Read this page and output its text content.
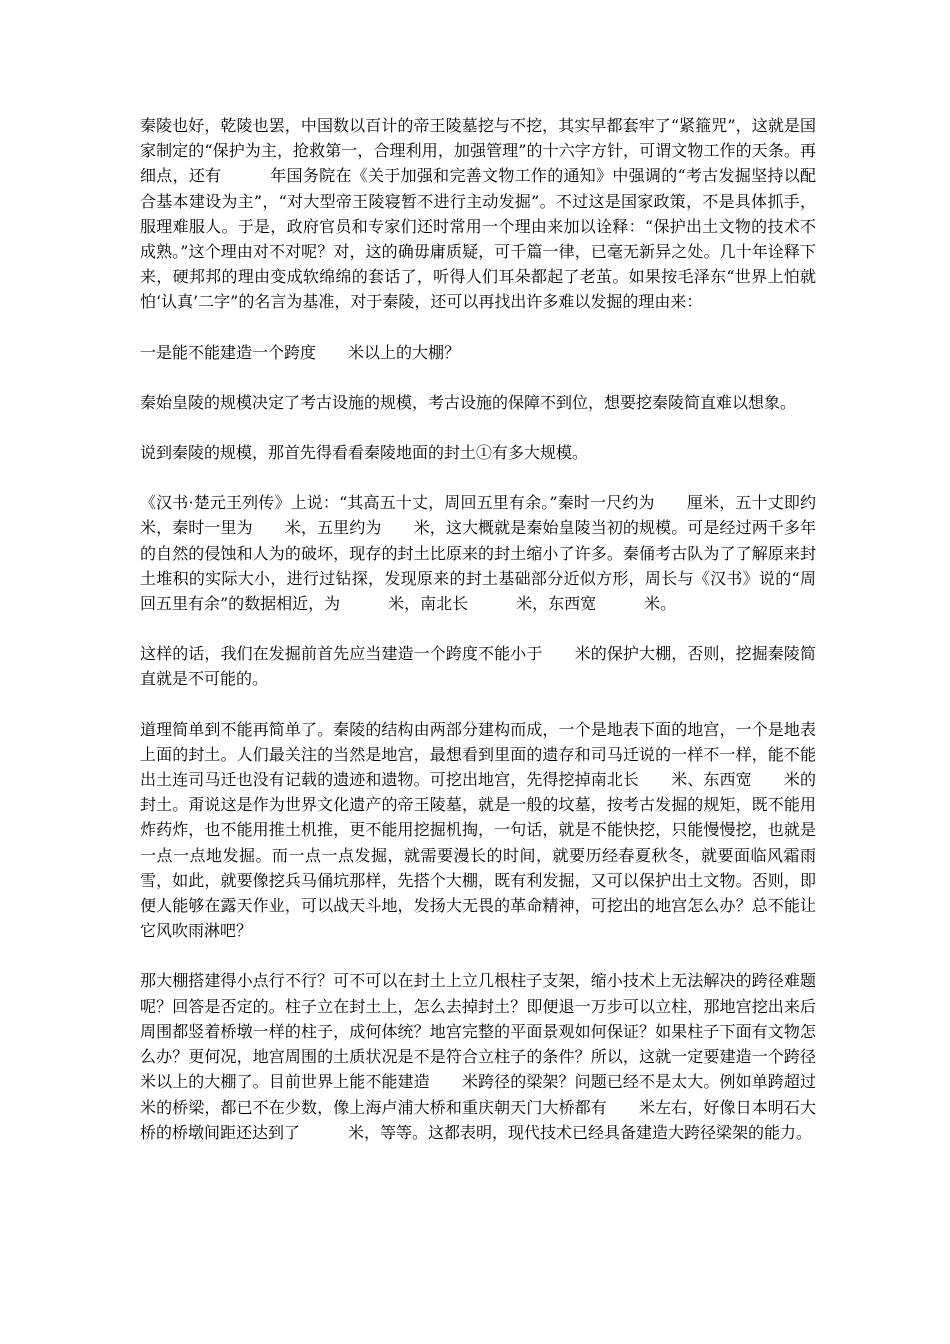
秦陵也好，乾陵也罢，中国数以百计的帝王陵墓挖与不挖，其实早都套牢了“紧箍咒”，这就是国家制定的“保护为主，抢救第一，合理利用，加强管理”的十六字方针，可谓文物工作的天条。再细点，还有　　　年国务院在《关于加强和完善文物工作的通知》中强调的“考古发掘坚持以配合基本建设为主”，“对大型帝王陵寝暂不进行主动发掘”。不过这是国家政策，不是具体抓手，服理难服人。于是，政府官员和专家们还时常用一个理由来加以诠释：“保护出土文物的技术不成熟。”这个理由对不对呢？对，这的确毋庸质疑，可千篇一律，已毫无新异之处。几十年诠释下来，硬邦邦的理由变成软绵绵的套话了，听得人们耳朵都起了老茧。如果按毛泽东“世界上怕就怕‘认真’二字”的名言为基准，对于秦陵，还可以再找出许多难以发掘的理由来：

一是能不能建造一个跨度　　米以上的大棚？

秦始皇陵的规模决定了考古设施的规模，考古设施的保障不到位，想要挖秦陵简直难以想象。

说到秦陵的规模，那首先得看看秦陵地面的封土①有多大规模。

《汉书·楚元王列传》上说：“其高五十丈，周回五里有余。”秦时一尺约为　　厘米，五十丈即约　　米，秦时一里为　　米，五里约为　　米，这大概就是秦始皇陵当初的规模。可是经过两千多年的自然的侵蚀和人为的破坏，现存的封土比原来的封土缩小了许多。秦俑考古队为了了解原来封土堆积的实际大小，进行过钻探，发现原来的封土基础部分近似方形，周长与《汉书》说的“周回五里有余”的数据相近，为　　　米，南北长　　　米，东西宽　　　米。

这样的话，我们在发掘前首先应当建造一个跨度不能小于　　米的保护大棚，否则，挖掘秦陵简直就是不可能的。

道理简单到不能再简单了。秦陵的结构由两部分建构而成，一个是地表下面的地宫，一个是地表上面的封土。人们最关注的当然是地宫，最想看到里面的遗存和司马迁说的一样不一样，能不能出土连司马迁也没有记载的遗迹和遗物。可挖出地宫，先得挖掉南北长　　米、东西宽　　米的封土。甭说这是作为世界文化遗产的帝王陵墓，就是一般的坟墓，按考古发掘的规矩，既不能用炸药炸，也不能用推土机推，更不能用挖掘机掏，一句话，就是不能快挖，只能慢慢挖，也就是一点一点地发掘。而一点一点发掘，就需要漫长的时间，就要历经春夏秋冬，就要面临风霜雨雪，如此，就要像挖兵马俑坑那样，先搭个大棚，既有利发掘，又可以保护出土文物。否则，即便人能够在露天作业，可以战天斗地，发扬大无畏的革命精神，可挖出的地宫怎么办？总不能让它风吹雨淋吧？

那大棚搭建得小点行不行？可不可以在封土上立几根柱子支架，缩小技术上无法解决的跨径难题呢？回答是否定的。柱子立在封土上，怎么去掉封土？即便退一万步可以立柱，那地宫挖出来后周围都竖着桥墩一样的柱子，成何体统？地宫完整的平面景观如何保证？如果柱子下面有文物怎么办？更何况，地宫周围的土质状况是不是符合立柱子的条件？所以，这就一定要建造一个跨径　　米以上的大棚了。目前世界上能不能建造　　米跨径的梁架？问题已经不是太大。例如单跨超过　　米的桥梁，都已不在少数，像上海卢浦大桥和重庆朝天门大桥都有　　米左右，好像日本明石大桥的桥墩间距还达到了　　　米，等等。这都表明，现代技术已经具备建造大跨径梁架的能力。
